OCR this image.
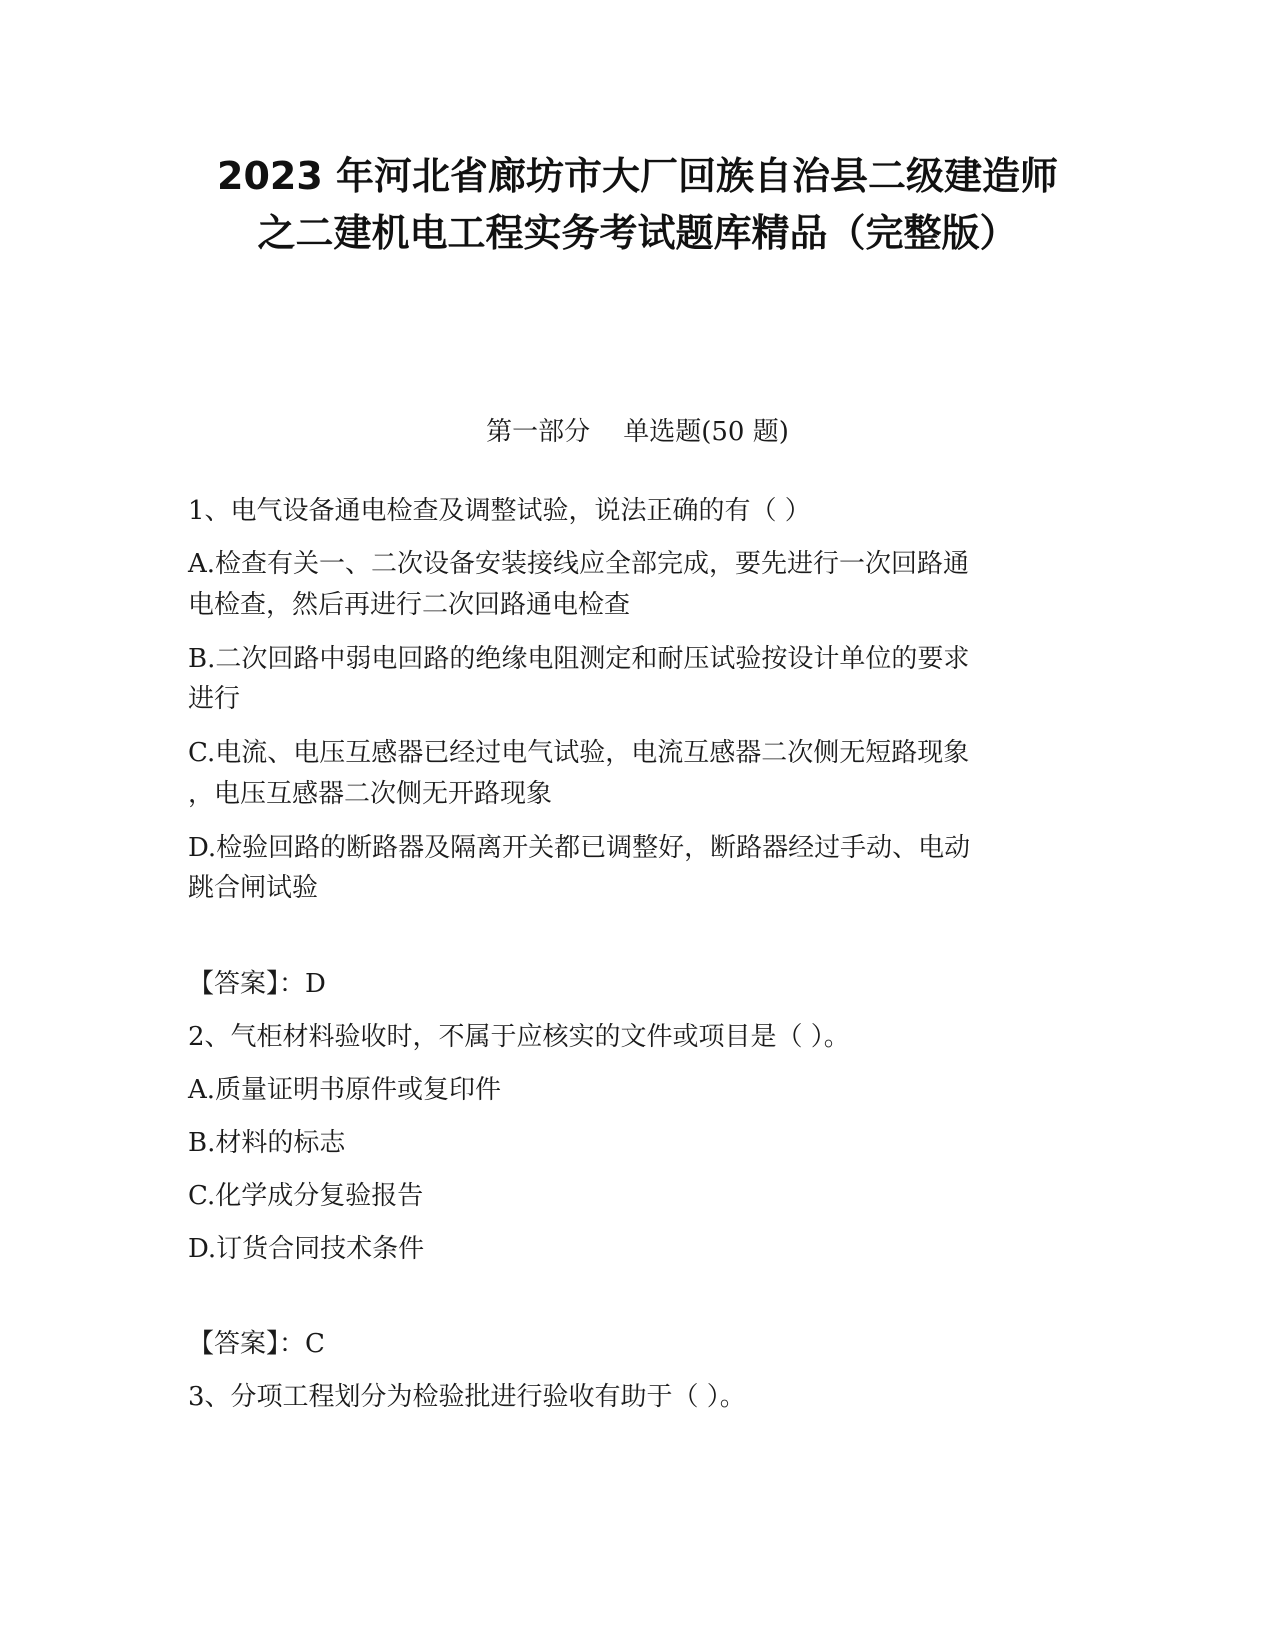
2023 年河北省廊坊市大厂回族自治县二级建造师
之二建机电工程实务考试题库精品（完整版）
第一部分    单选题(50 题)
1、电气设备通电检查及调整试验，说法正确的有（ ）
A.检查有关一、二次设备安装接线应全部完成，要先进行一次回路通
电检查，然后再进行二次回路通电检查
B.二次回路中弱电回路的绝缘电阻测定和耐压试验按设计单位的要求
进行
C.电流、电压互感器已经过电气试验，电流互感器二次侧无短路现象
，电压互感器二次侧无开路现象
D.检验回路的断路器及隔离开关都已调整好，断路器经过手动、电动
跳合闸试验
【答案】：D
2、气柜材料验收时，不属于应核实的文件或项目是（ ）。
A.质量证明书原件或复印件
B.材料的标志
C.化学成分复验报告
D.订货合同技术条件
【答案】：C
3、分项工程划分为检验批进行验收有助于（ ）。
